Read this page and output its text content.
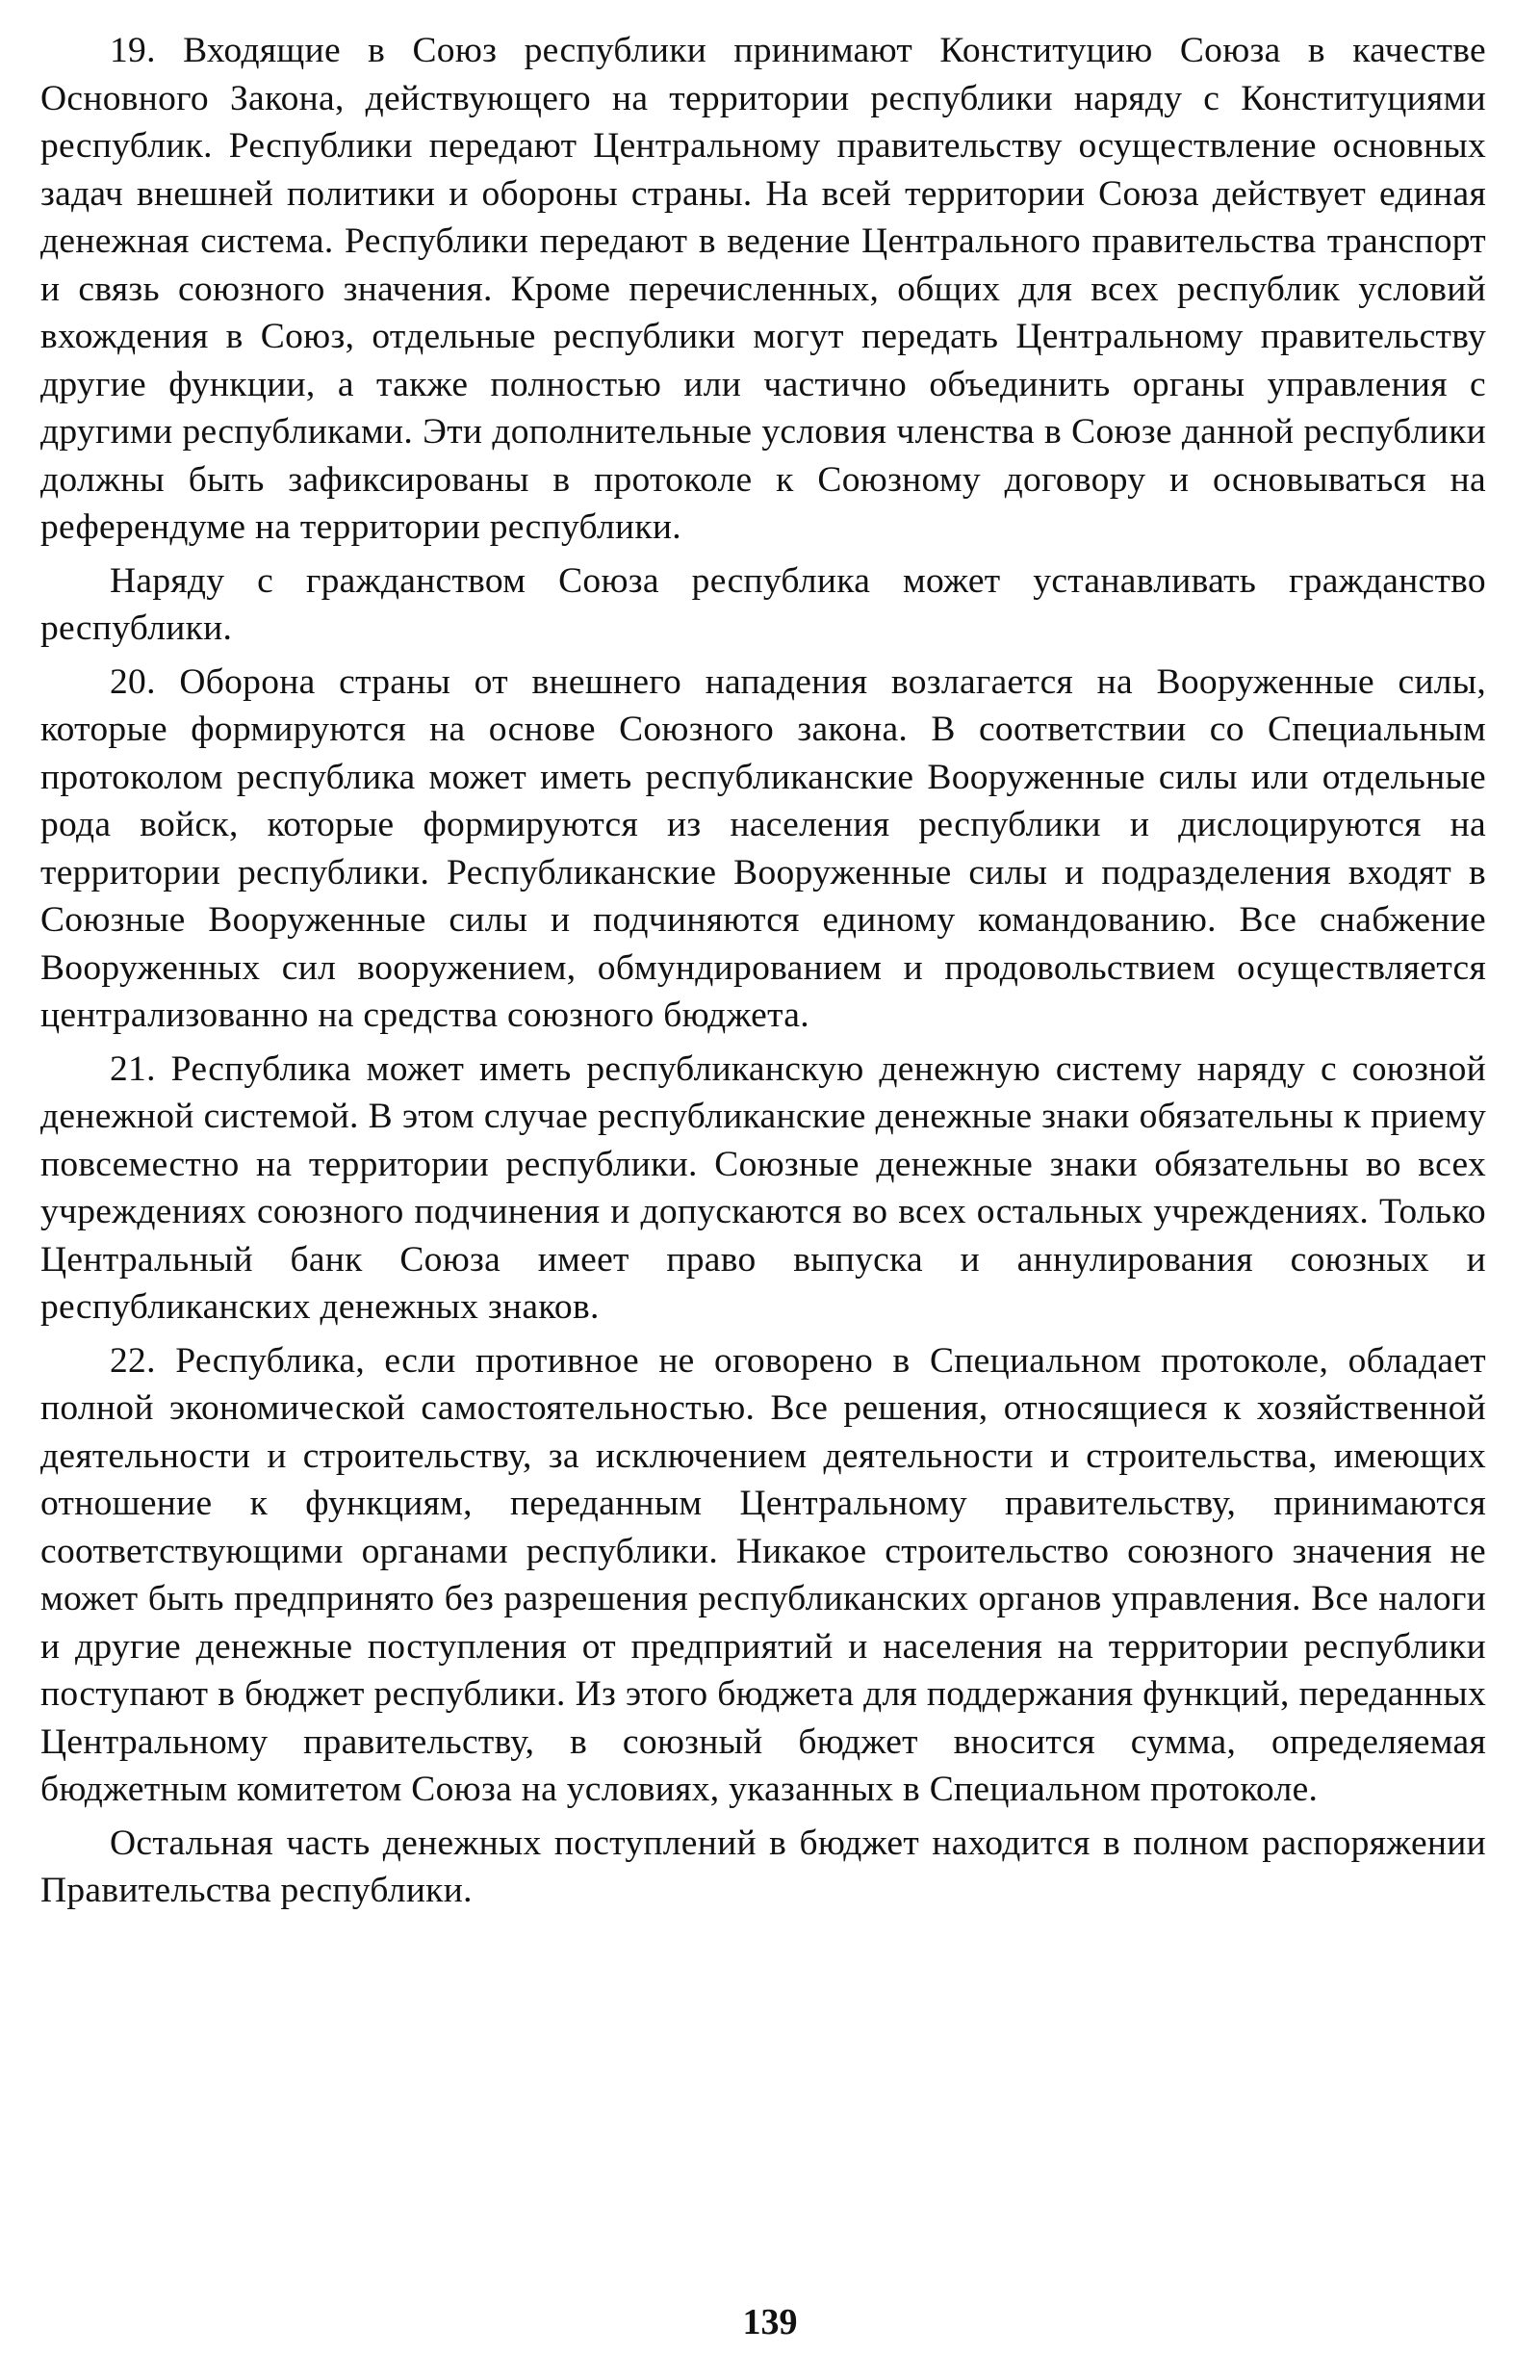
19. Входящие в Союз республики принимают Конституцию Союза в качестве Основного Закона, действующего на территории республики наряду с Конституциями республик. Республики передают Центральному правительству осуществление основных задач внешней политики и обороны страны. На всей территории Союза действует единая денежная система. Республики передают в ведение Центрального правительства транспорт и связь союзного значения. Кроме перечисленных, общих для всех республик условий вхождения в Союз, отдельные республики могут передать Центральному правительству другие функции, а также полностью или частично объединить органы управления с другими республиками. Эти дополнительные условия членства в Союзе данной республики должны быть зафиксированы в протоколе к Союзному договору и основываться на референдуме на территории республики.

Наряду с гражданством Союза республика может устанавливать гражданство республики.

20. Оборона страны от внешнего нападения возлагается на Вооруженные силы, которые формируются на основе Союзного закона. В соответствии со Специальным протоколом республика может иметь республиканские Вооруженные силы или отдельные рода войск, которые формируются из населения республики и дислоцируются на территории республики. Республиканские Вооруженные силы и подразделения входят в Союзные Вооруженные силы и подчиняются единому командованию. Все снабжение Вооруженных сил вооружением, обмундированием и продовольствием осуществляется централизованно на средства союзного бюджета.

21. Республика может иметь республиканскую денежную систему наряду с союзной денежной системой. В этом случае республиканские денежные знаки обязательны к приему повсеместно на территории республики. Союзные денежные знаки обязательны во всех учреждениях союзного подчинения и допускаются во всех остальных учреждениях. Только Центральный банк Союза имеет право выпуска и аннулирования союзных и республиканских денежных знаков.

22. Республика, если противное не оговорено в Специальном протоколе, обладает полной экономической самостоятельностью. Все решения, относящиеся к хозяйственной деятельности и строительству, за исключением деятельности и строительства, имеющих отношение к функциям, переданным Центральному правительству, принимаются соответствующими органами республики. Никакое строительство союзного значения не может быть предпринято без разрешения республиканских органов управления. Все налоги и другие денежные поступления от предприятий и населения на территории республики поступают в бюджет республики. Из этого бюджета для поддержания функций, переданных Центральному правительству, в союзный бюджет вносится сумма, определяемая бюджетным комитетом Союза на условиях, указанных в Специальном протоколе.

Остальная часть денежных поступлений в бюджет находится в полном распоряжении Правительства республики.

139
